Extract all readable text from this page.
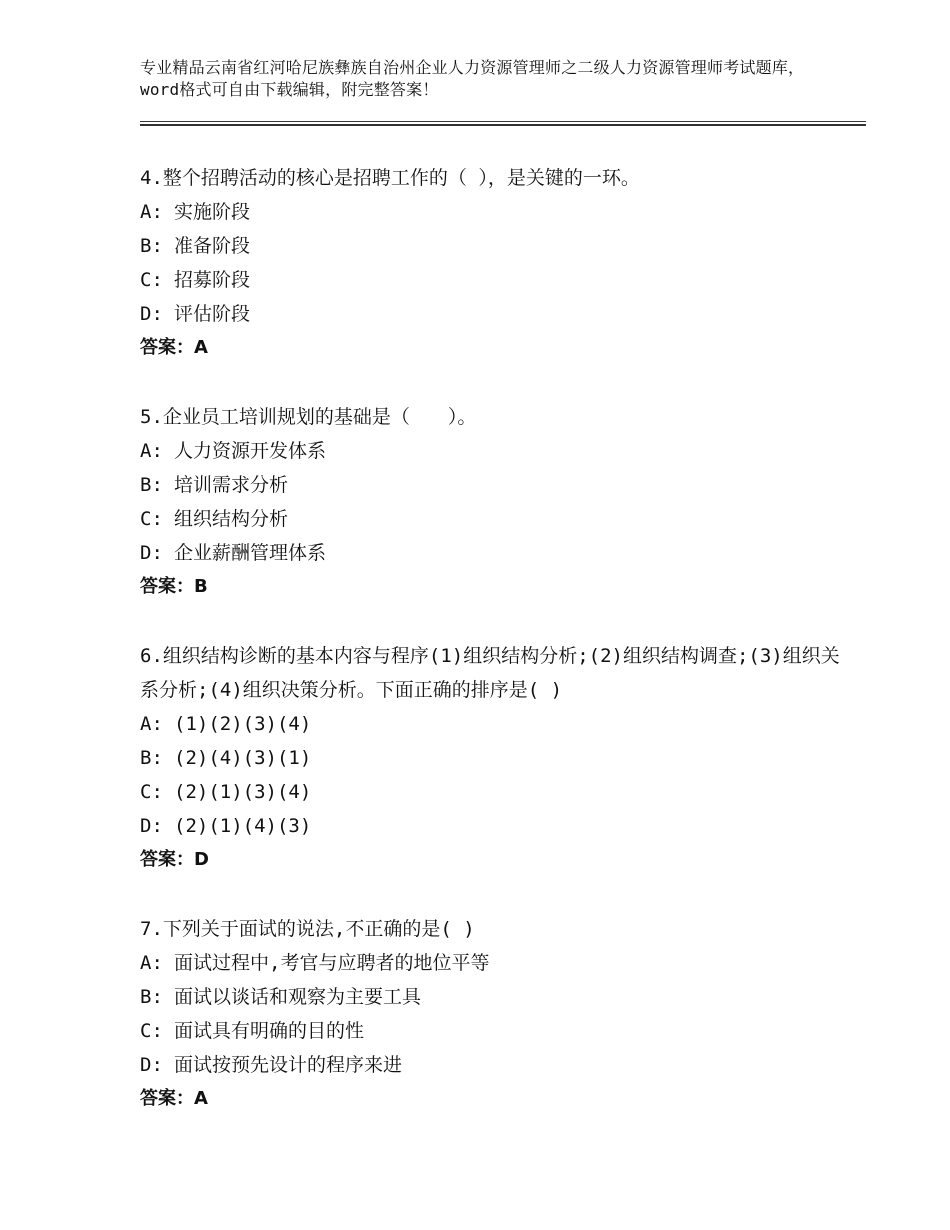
专业精品云南省红河哈尼族彝族自治州企业人力资源管理师之二级人力资源管理师考试题库，word格式可自由下载编辑，附完整答案！
4.整个招聘活动的核心是招聘工作的（ ），是关键的一环。
A: 实施阶段
B: 准备阶段
C: 招募阶段
D: 评估阶段
答案：A
5.企业员工培训规划的基础是（　　）。
A: 人力资源开发体系
B: 培训需求分析
C: 组织结构分析
D: 企业薪酬管理体系
答案：B
6.组织结构诊断的基本内容与程序(1)组织结构分析;(2)组织结构调查;(3)组织关系分析;(4)组织决策分析。下面正确的排序是( )
A: (1)(2)(3)(4)
B: (2)(4)(3)(1)
C: (2)(1)(3)(4)
D: (2)(1)(4)(3)
答案：D
7.下列关于面试的说法,不正确的是( )
A: 面试过程中,考官与应聘者的地位平等
B: 面试以谈话和观察为主要工具
C: 面试具有明确的目的性
D: 面试按预先设计的程序来进
答案：A
